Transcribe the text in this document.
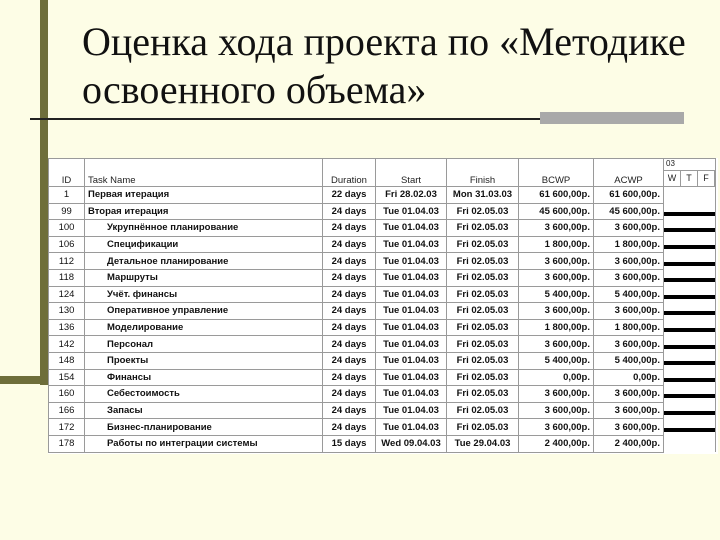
Оценка хода проекта по «Методике освоенного объема»
ID	Task Name	Duration	Start	Finish	BCWP	ACWP	03
W T F

1	Первая итерация	22 days	Fri 28.02.03	Mon 31.03.03	61 600,00р.	61 600,00р.	
99	Вторая итерация	24 days	Tue 01.04.03	Fri 02.05.03	45 600,00р.	45 600,00р.	

100	Укрупнённое планирование	24 days	Tue 01.04.03	Fri 02.05.03	3 600,00р.	3 600,00р.	

106	Спецификации	24 days	Tue 01.04.03	Fri 02.05.03	1 800,00р.	1 800,00р.	

112	Детальное планирование	24 days	Tue 01.04.03	Fri 02.05.03	3 600,00р.	3 600,00р.	

118	Маршруты	24 days	Tue 01.04.03	Fri 02.05.03	3 600,00р.	3 600,00р.	

124	Учёт. финансы	24 days	Tue 01.04.03	Fri 02.05.03	5 400,00р.	5 400,00р.	

130	Оперативное управление	24 days	Tue 01.04.03	Fri 02.05.03	3 600,00р.	3 600,00р.	

136	Моделирование	24 days	Tue 01.04.03	Fri 02.05.03	1 800,00р.	1 800,00р.	

142	Персонал	24 days	Tue 01.04.03	Fri 02.05.03	3 600,00р.	3 600,00р.	

148	Проекты	24 days	Tue 01.04.03	Fri 02.05.03	5 400,00р.	5 400,00р.	

154	Финансы	24 days	Tue 01.04.03	Fri 02.05.03	0,00р.	0,00р.	

160	Себестоимость	24 days	Tue 01.04.03	Fri 02.05.03	3 600,00р.	3 600,00р.	

166	Запасы	24 days	Tue 01.04.03	Fri 02.05.03	3 600,00р.	3 600,00р.	

172	Бизнес-планирование	24 days	Tue 01.04.03	Fri 02.05.03	3 600,00р.	3 600,00р.	

178	Работы по интеграции системы	15 days	Wed 09.04.03	Tue 29.04.03	2 400,00р.	2 400,00р.	
